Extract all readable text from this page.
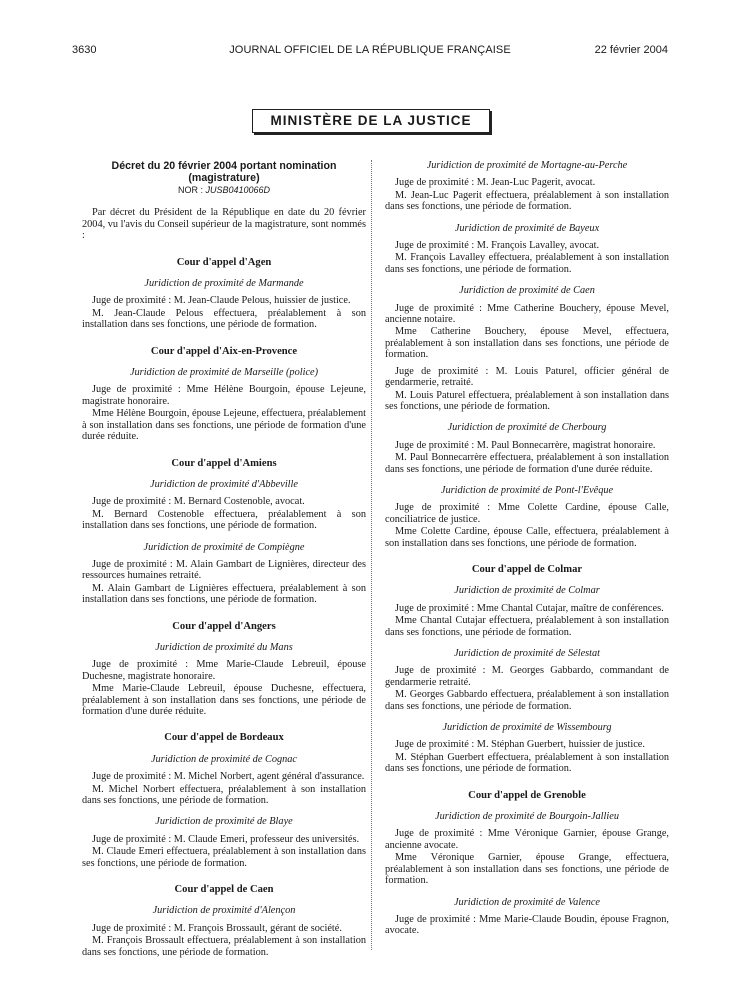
3630	JOURNAL OFFICIEL DE LA RÉPUBLIQUE FRANÇAISE	22 février 2004
MINISTÈRE DE LA JUSTICE
Décret du 20 février 2004 portant nomination
(magistrature)
NOR : JUSB0410066D

Par décret du Président de la République en date du 20 février 2004, vu l'avis du Conseil supérieur de la magistrature, sont nommés :

Cour d'appel d'Agen
Juridiction de proximité de Marmande

Juge de proximité : M. Jean-Claude Pelous, huissier de justice.

M. Jean-Claude Pelous effectuera, préalablement à son installation dans ses fonctions, une période de formation.

Cour d'appel d'Aix-en-Provence
Juridiction de proximité de Marseille (police)

Juge de proximité : Mme Hélène Bourgoin, épouse Lejeune, magistrate honoraire.

Mme Hélène Bourgoin, épouse Lejeune, effectuera, préalablement à son installation dans ses fonctions, une période de formation d'une durée réduite.

Cour d'appel d'Amiens
Juridiction de proximité d'Abbeville

Juge de proximité : M. Bernard Costenoble, avocat.

M. Bernard Costenoble effectuera, préalablement à son installation dans ses fonctions, une période de formation.

Juridiction de proximité de Compiègne

Juge de proximité : M. Alain Gambart de Lignières, directeur des ressources humaines retraité.

M. Alain Gambart de Lignières effectuera, préalablement à son installation dans ses fonctions, une période de formation.

Cour d'appel d'Angers
Juridiction de proximité du Mans

Juge de proximité : Mme Marie-Claude Lebreuil, épouse Duchesne, magistrate honoraire.

Mme Marie-Claude Lebreuil, épouse Duchesne, effectuera, préalablement à son installation dans ses fonctions, une période de formation d'une durée réduite.

Cour d'appel de Bordeaux
Juridiction de proximité de Cognac

Juge de proximité : M. Michel Norbert, agent général d'assurance.

M. Michel Norbert effectuera, préalablement à son installation dans ses fonctions, une période de formation.

Juridiction de proximité de Blaye

Juge de proximité : M. Claude Emeri, professeur des universités.

M. Claude Emeri effectuera, préalablement à son installation dans ses fonctions, une période de formation.

Cour d'appel de Caen
Juridiction de proximité d'Alençon

Juge de proximité : M. François Brossault, gérant de société.

M. François Brossault effectuera, préalablement à son installation dans ses fonctions, une période de formation.

Juridiction de proximité de Mortagne-au-Perche

Juge de proximité : M. Jean-Luc Pagerit, avocat.

M. Jean-Luc Pagerit effectuera, préalablement à son installation dans ses fonctions, une période de formation.

Juridiction de proximité de Bayeux

Juge de proximité : M. François Lavalley, avocat.

M. François Lavalley effectuera, préalablement à son installation dans ses fonctions, une période de formation.

Juridiction de proximité de Caen

Juge de proximité : Mme Catherine Bouchery, épouse Mevel, ancienne notaire.

Mme Catherine Bouchery, épouse Mevel, effectuera, préalablement à son installation dans ses fonctions, une période de formation.

Juge de proximité : M. Louis Paturel, officier général de gendarmerie, retraité.

M. Louis Paturel effectuera, préalablement à son installation dans ses fonctions, une période de formation.

Juridiction de proximité de Cherbourg

Juge de proximité : M. Paul Bonnecarrère, magistrat honoraire.

M. Paul Bonnecarrère effectuera, préalablement à son installation dans ses fonctions, une période de formation d'une durée réduite.

Juridiction de proximité de Pont-l'Evêque

Juge de proximité : Mme Colette Cardine, épouse Calle, conciliatrice de justice.

Mme Colette Cardine, épouse Calle, effectuera, préalablement à son installation dans ses fonctions, une période de formation.

Cour d'appel de Colmar
Juridiction de proximité de Colmar

Juge de proximité : Mme Chantal Cutajar, maître de conférences.

Mme Chantal Cutajar effectuera, préalablement à son installation dans ses fonctions, une période de formation.

Juridiction de proximité de Sélestat

Juge de proximité : M. Georges Gabbardo, commandant de gendarmerie retraité.

M. Georges Gabbardo effectuera, préalablement à son installation dans ses fonctions, une période de formation.

Juridiction de proximité de Wissembourg

Juge de proximité : M. Stéphan Guerbert, huissier de justice.

M. Stéphan Guerbert effectuera, préalablement à son installation dans ses fonctions, une période de formation.

Cour d'appel de Grenoble
Juridiction de proximité de Bourgoin-Jallieu

Juge de proximité : Mme Véronique Garnier, épouse Grange, ancienne avocate.

Mme Véronique Garnier, épouse Grange, effectuera, préalablement à son installation dans ses fonctions, une période de formation.

Juridiction de proximité de Valence

Juge de proximité : Mme Marie-Claude Boudin, épouse Fragnon, avocate.
